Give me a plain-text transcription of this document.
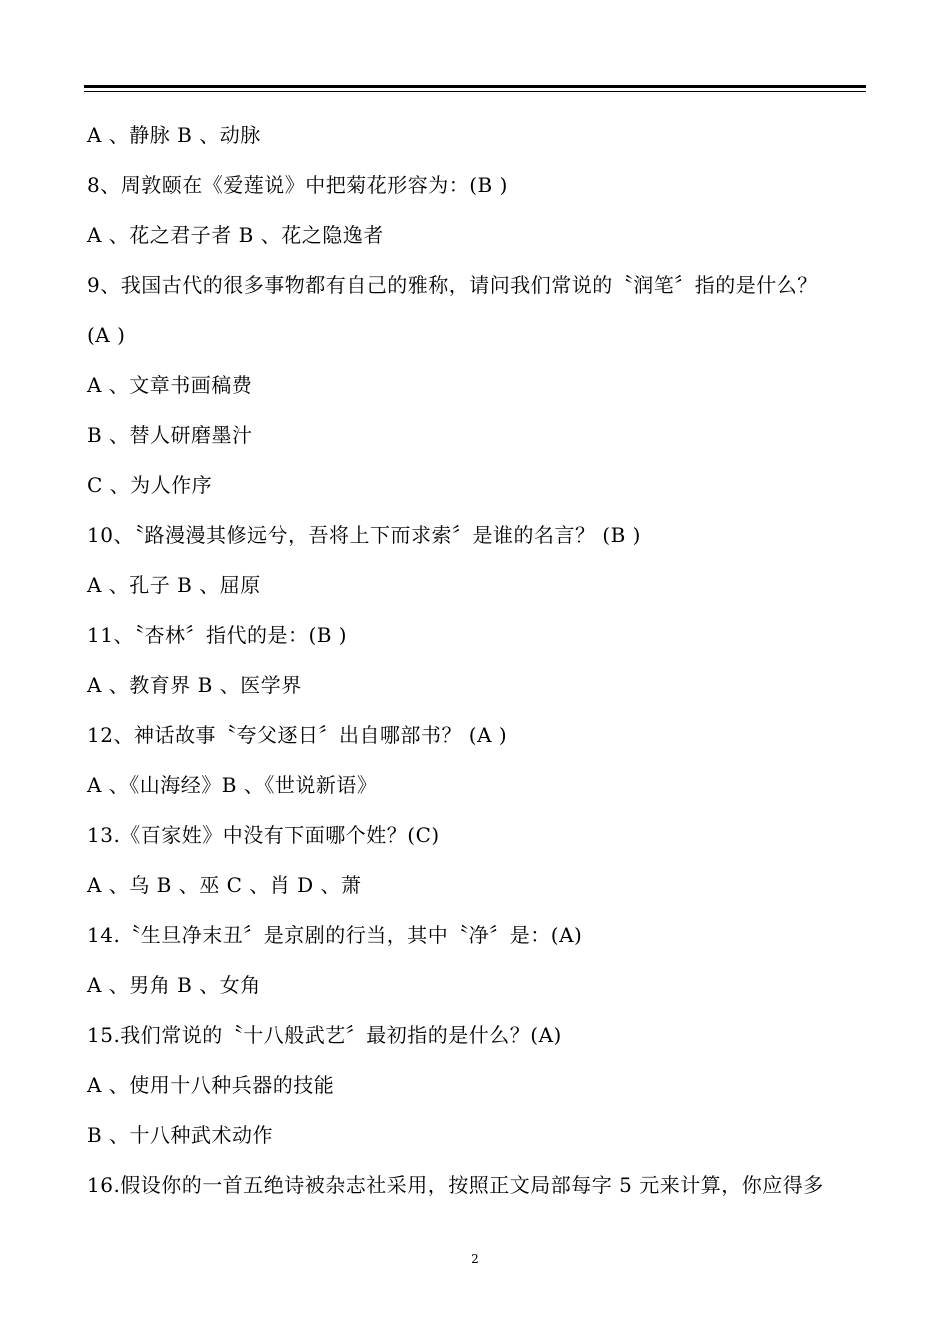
A 、静脉 B 、动脉
8、周敦颐在《爱莲说》中把菊花形容为：(B )
A 、花之君子者 B 、花之隐逸者
9、我国古代的很多事物都有自己的雅称，请问我们常说的〝润笔〞指的是什么？
(A )
A 、文章书画稿费
B 、替人研磨墨汁
C 、为人作序
10、〝路漫漫其修远兮，吾将上下而求索〞是谁的名言？ (B )
A 、孔子 B 、屈原
11、〝杏林〞指代的是：(B )
A 、教育界 B 、医学界
12、神话故事〝夸父逐日〞出自哪部书？ (A )
A 、《山海经》B 、《世说新语》
13.《百家姓》中没有下面哪个姓？(C)
A 、乌 B 、巫 C 、肖 D 、萧
14.〝生旦净末丑〞是京剧的行当，其中〝净〞是：(A)
A 、男角 B 、女角
15.我们常说的〝十八般武艺〞最初指的是什么？(A)
A 、使用十八种兵器的技能
B 、十八种武术动作
16.假设你的一首五绝诗被杂志社采用，按照正文局部每字 5 元来计算，你应得多
2
